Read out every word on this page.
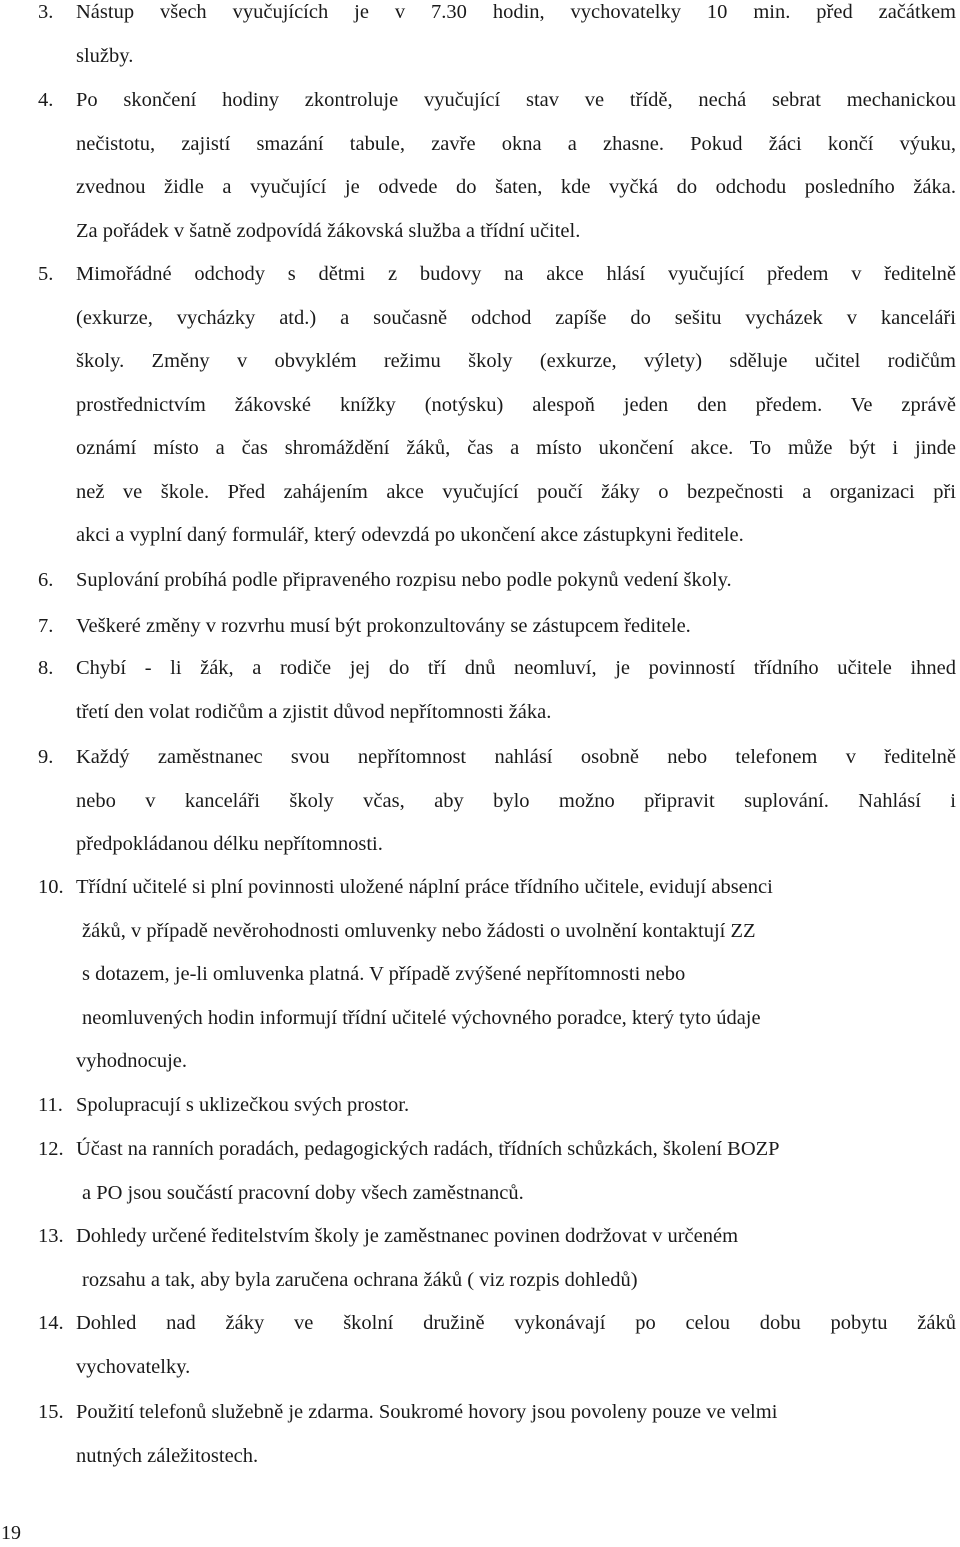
3. Nástup všech vyučujících je v 7.30 hodin, vychovatelky 10 min. před začátkem
služby.
4. Po skončení hodiny zkontroluje vyučující stav ve třídě, nechá sebrat mechanickou
nečistotu, zajistí smazání tabule, zavře okna a zhasne. Pokud žáci končí výuku,
zvednou židle a vyučující je odvede do šaten, kde vyčká do odchodu posledního žáka.
Za pořádek v šatně zodpovídá žákovská služba a třídní učitel.
5. Mimořádné odchody s dětmi z budovy na akce hlásí vyučující předem v ředitelně
(exkurze, vycházky atd.) a současně odchod zapíše do sešitu vycházek v kanceláři
školy. Změny v obvyklém režimu školy (exkurze, výlety) sděluje učitel rodičům
prostřednictvím žákovské knížky (notýsku) alespoň jeden den předem. Ve zprávě
oznámí místo a čas shromáždění žáků, čas a místo ukončení akce. To může být i jinde
než ve škole. Před zahájením akce vyučující poučí žáky o bezpečnosti a organizaci při
akci a vyplní daný formulář, který odevzdá po ukončení akce zástupkyni ředitele.
6. Suplování probíhá podle připraveného rozpisu nebo podle pokynů vedení školy.
7. Veškeré změny v rozvrhu musí být prokonzultovány se zástupcem ředitele.
8. Chybí - li žák, a rodiče jej do tří dnů neomluví, je povinností třídního učitele ihned
třetí den volat rodičům a zjistit důvod nepřítomnosti žáka.
9. Každý zaměstnanec svou nepřítomnost nahlásí osobně nebo telefonem v ředitelně
nebo v kanceláři školy včas, aby bylo možno připravit suplování. Nahlásí i
předpokládanou délku nepřítomnosti.
10. Třídní učitelé si plní povinnosti uložené náplní práce třídního učitele, evidují absenci
žáků, v případě nevěrohodnosti omluvenky nebo žádosti o uvolnění kontaktují ZZ
s dotazem, je-li omluvenka platná. V případě zvýšené nepřítomnosti nebo
neomluvených hodin informují třídní učitelé výchovného poradce, který tyto údaje
vyhodnocuje.
11. Spolupracují s uklizečkou svých prostor.
12. Účast na ranních poradách, pedagogických radách, třídních schůzkách, školení BOZP
a PO jsou součástí pracovní doby všech zaměstnanců.
13. Dohledy určené ředitelstvím školy je zaměstnanec povinen dodržovat v určeném
rozsahu a tak, aby byla zaručena ochrana žáků ( viz rozpis dohledů)
14. Dohled nad žáky ve školní družině vykonávají po celou dobu pobytu žáků
vychovatelky.
15. Použití telefonů služebně je zdarma. Soukromé hovory jsou povoleny pouze ve velmi
nutných záležitostech.
19
